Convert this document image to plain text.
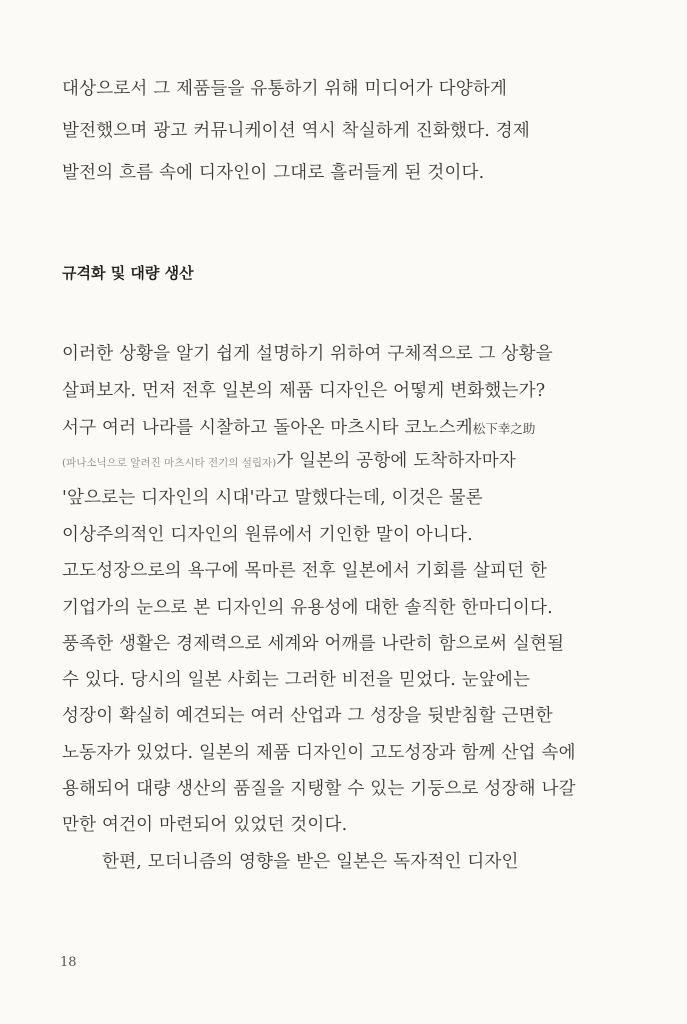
대상으로서 그 제품들을 유통하기 위해 미디어가 다양하게
발전했으며 광고 커뮤니케이션 역시 착실하게 진화했다. 경제
발전의 흐름 속에 디자인이 그대로 흘러들게 된 것이다.
규격화 및 대량 생산
이러한 상황을 알기 쉽게 설명하기 위하여 구체적으로 그 상황을
살펴보자. 먼저 전후 일본의 제품 디자인은 어떻게 변화했는가?
서구 여러 나라를 시찰하고 돌아온 마츠시타 코노스케松下幸之助
(파나소닉으로 알려진 마츠시타 전기의 설립자)가 일본의 공항에 도착하자마자
'앞으로는 디자인의 시대'라고 말했다는데, 이것은 물론
이상주의적인 디자인의 원류에서 기인한 말이 아니다.
고도성장으로의 욕구에 목마른 전후 일본에서 기회를 살피던 한
기업가의 눈으로 본 디자인의 유용성에 대한 솔직한 한마디이다.
풍족한 생활은 경제력으로 세계와 어깨를 나란히 함으로써 실현될
수 있다. 당시의 일본 사회는 그러한 비전을 믿었다. 눈앞에는
성장이 확실히 예견되는 여러 산업과 그 성장을 뒷받침할 근면한
노동자가 있었다. 일본의 제품 디자인이 고도성장과 함께 산업 속에
용해되어 대량 생산의 품질을 지탱할 수 있는 기둥으로 성장해 나갈
만한 여건이 마련되어 있었던 것이다.
한편, 모더니즘의 영향을 받은 일본은 독자적인 디자인
18
